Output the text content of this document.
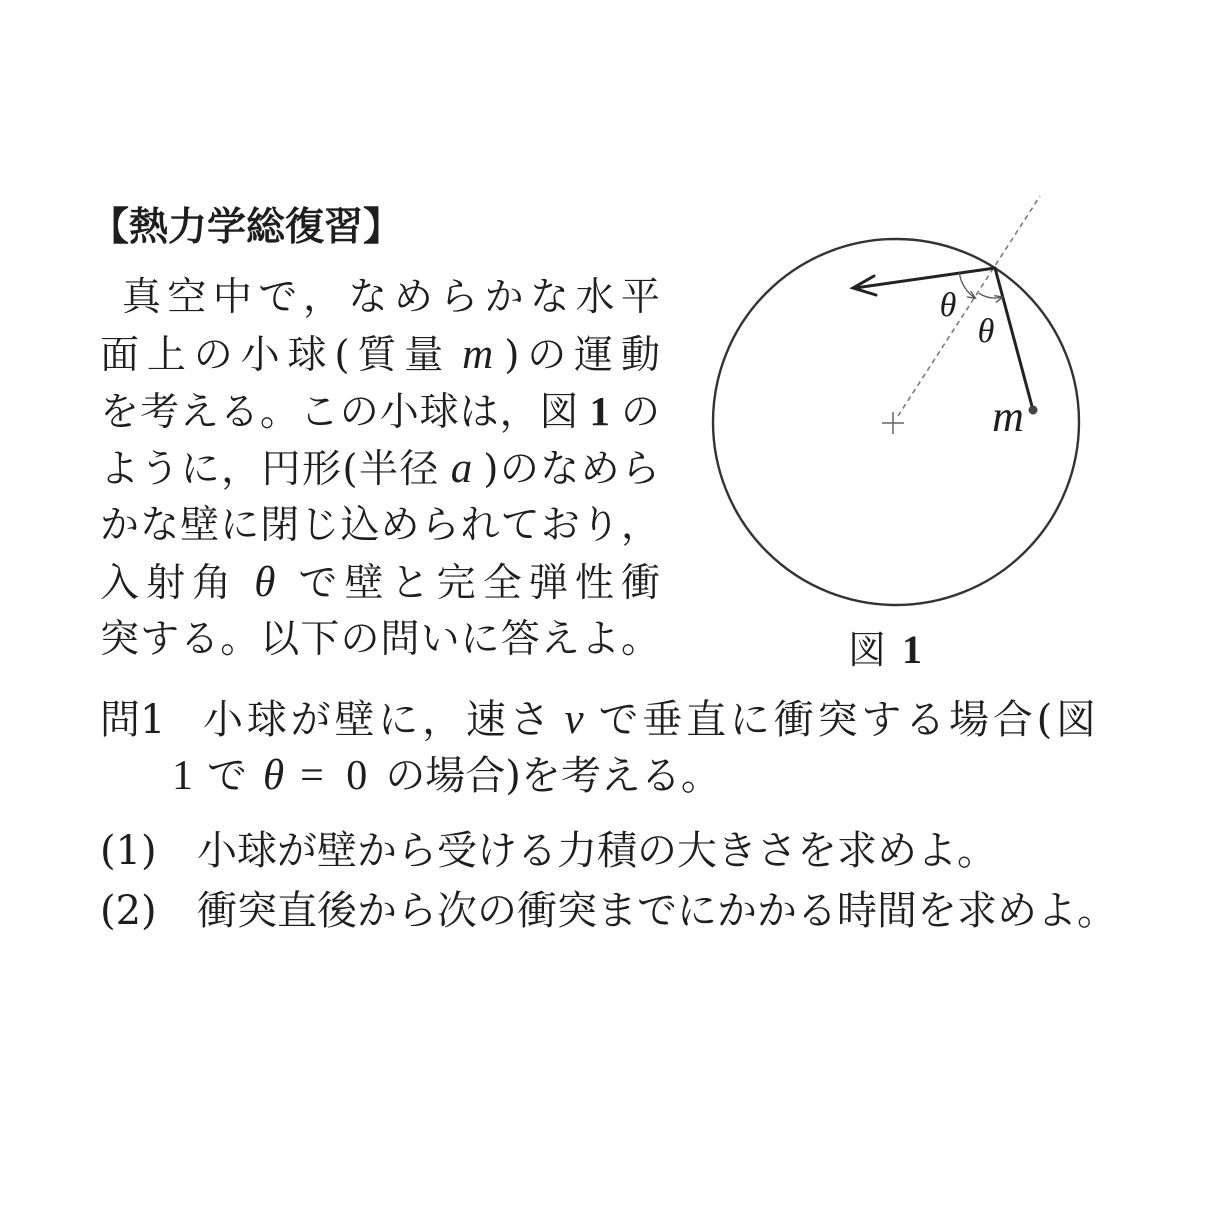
【熱力学総復習】
真空中で，なめらかな水平
面上の小球(質量 m )の運動
を考える。この小球は，図 1 の
ように，円形(半径 a )のなめら
かな壁に閉じ込められており，
入射角 θ で壁と完全弾性衝
突する。以下の問いに答えよ。
θ
θ
m
図 1
問1 小球が壁に，速さ v で垂直に衝突する場合(図
1 で θ = 0 の場合)を考える。
(1) 小球が壁から受ける力積の大きさを求めよ。
(2) 衝突直後から次の衝突までにかかる時間を求めよ。
